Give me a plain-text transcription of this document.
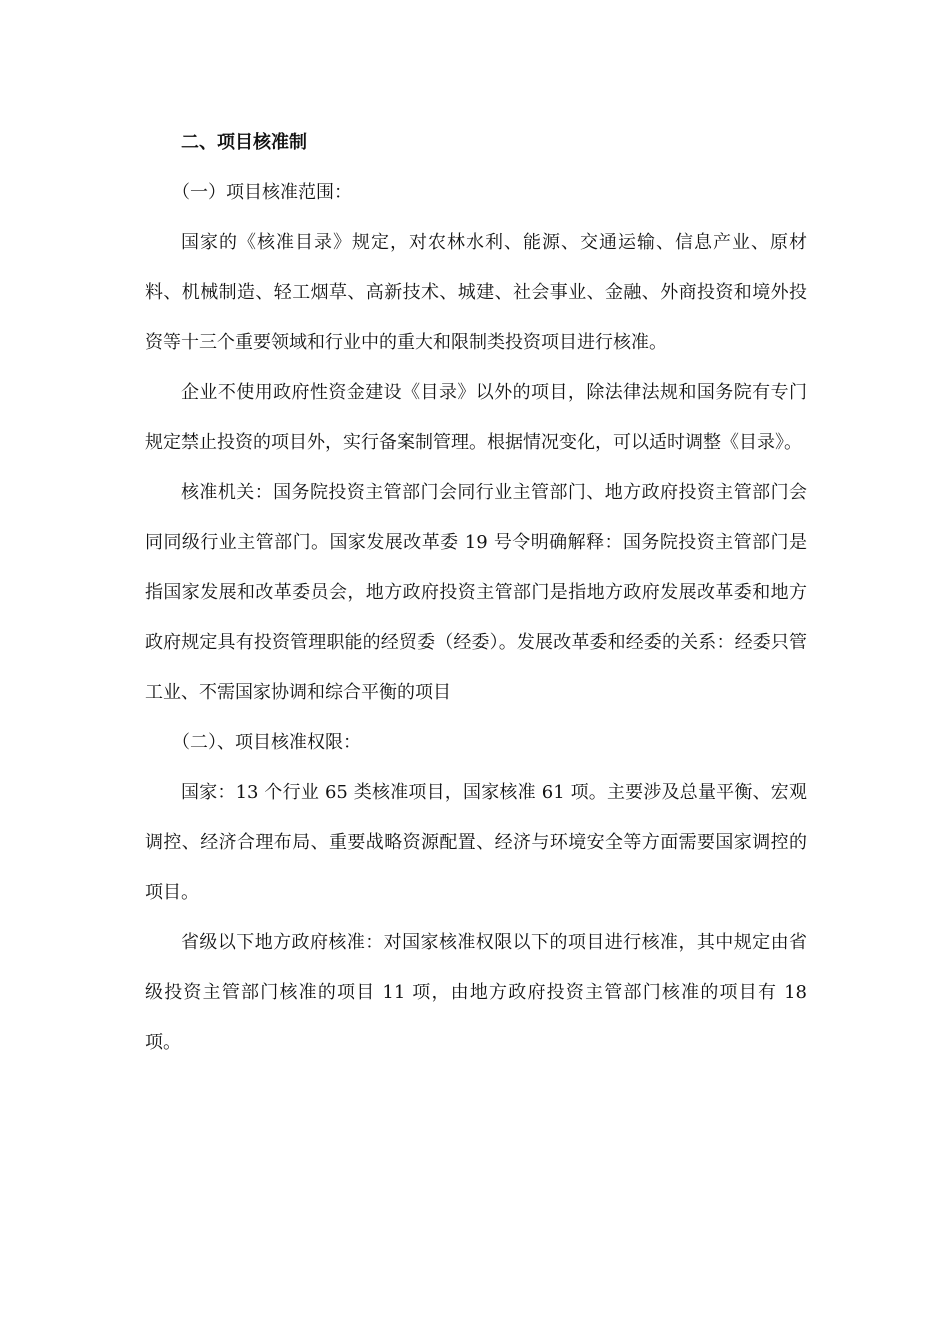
二、项目核准制

（一）项目核准范围：

国家的《核准目录》规定，对农林水利、能源、交通运输、信息产业、原材料、机械制造、轻工烟草、高新技术、城建、社会事业、金融、外商投资和境外投资等十三个重要领域和行业中的重大和限制类投资项目进行核准。

企业不使用政府性资金建设《目录》以外的项目，除法律法规和国务院有专门规定禁止投资的项目外，实行备案制管理。根据情况变化，可以适时调整《目录》。

核准机关：国务院投资主管部门会同行业主管部门、地方政府投资主管部门会同同级行业主管部门。国家发展改革委 19 号令明确解释：国务院投资主管部门是指国家发展和改革委员会，地方政府投资主管部门是指地方政府发展改革委和地方政府规定具有投资管理职能的经贸委（经委）。发展改革委和经委的关系：经委只管工业、不需国家协调和综合平衡的项目

（二）、项目核准权限：

国家：13 个行业 65 类核准项目，国家核准 61 项。主要涉及总量平衡、宏观调控、经济合理布局、重要战略资源配置、经济与环境安全等方面需要国家调控的项目。

省级以下地方政府核准：对国家核准权限以下的项目进行核准，其中规定由省级投资主管部门核准的项目 11 项，由地方政府投资主管部门核准的项目有 18 项。
